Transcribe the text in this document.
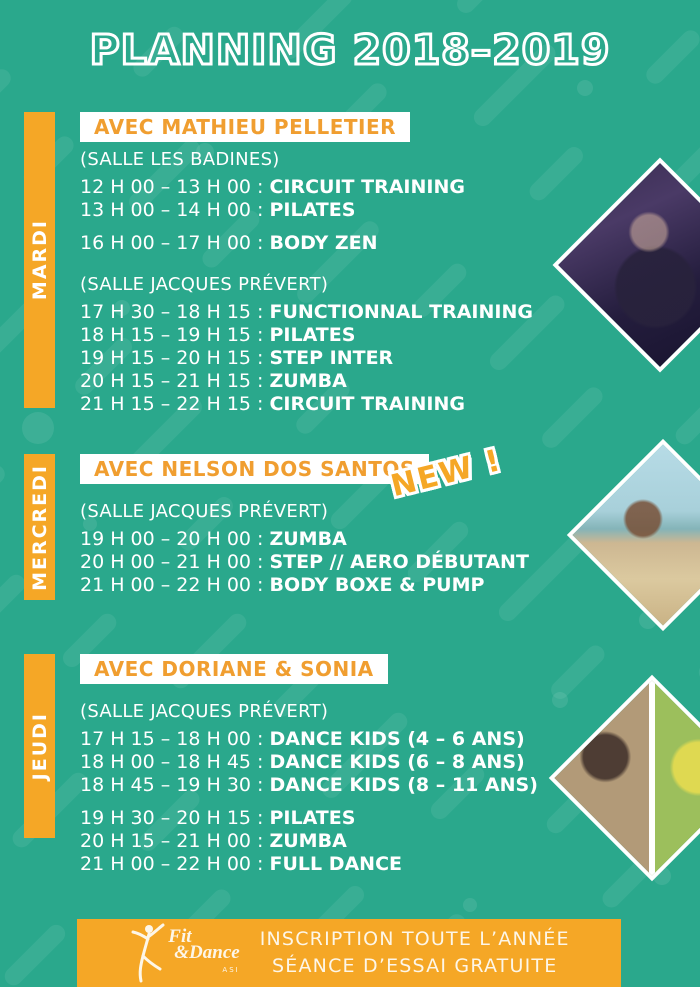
PLANNING 2018–2019
MARDI
MERCREDI
JEUDI
AVEC MATHIEU PELLETIER
(SALLE LES BADINES)
12 H 00 – 13 H 00 : CIRCUIT TRAINING
13 H 00 – 14 H 00 : PILATES
16 H 00 – 17 H 00 : BODY ZEN
(SALLE JACQUES PRÉVERT)
17 H 30 – 18 H 15 : FUNCTIONNAL TRAINING
18 H 15 – 19 H 15 : PILATES
19 H 15 – 20 H 15 : STEP INTER
20 H 15 – 21 H 15 : ZUMBA
21 H 15 – 22 H 15 : CIRCUIT TRAINING
AVEC NELSON DOS SANTOS
NEW !
(SALLE JACQUES PRÉVERT)
19 H 00 – 20 H 00 : ZUMBA
20 H 00 – 21 H 00 : STEP // AERO DÉBUTANT
21 H 00 – 22 H 00 : BODY BOXE & PUMP
AVEC DORIANE & SONIA
(SALLE JACQUES PRÉVERT)
17 H 15 – 18 H 00 : DANCE KIDS (4 – 6 ANS)
18 H 00 – 18 H 45 : DANCE KIDS (6 – 8 ANS)
18 H 45 – 19 H 30 : DANCE KIDS (8 – 11 ANS)
19 H 30 – 20 H 15 : PILATES
20 H 15 – 21 H 00 : ZUMBA
21 H 00 – 22 H 00 : FULL DANCE
Fit
&Dance
ASI
INSCRIPTION TOUTE L’ANNÉE
SÉANCE D’ESSAI GRATUITE
